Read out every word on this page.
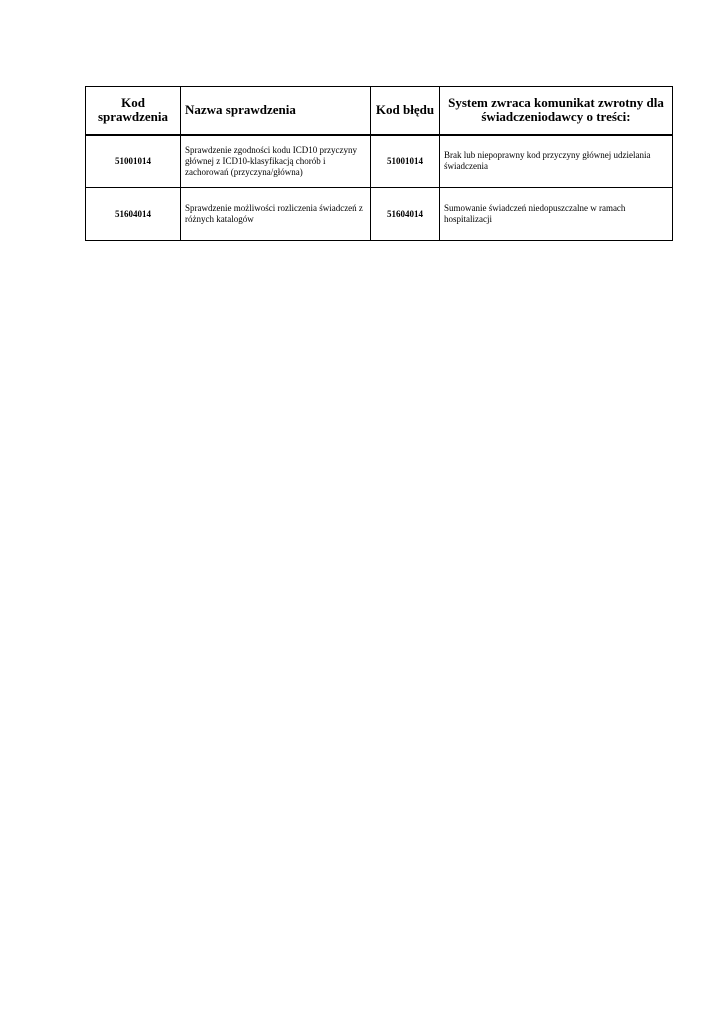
Kod sprawdzenia	Nazwa sprawdzenia	Kod błędu	System zwraca komunikat zwrotny dla świadczeniodawcy o treści:
51001014	Sprawdzenie zgodności kodu ICD10 przyczyny głównej z ICD10-klasyfikacją chorób i zachorowań (przyczyna/główna)	51001014	Brak lub niepoprawny kod przyczyny głównej udzielania świadczenia
51604014	Sprawdzenie możliwości rozliczenia świadczeń z różnych katalogów	51604014	Sumowanie świadczeń niedopuszczalne w ramach hospitalizacji
